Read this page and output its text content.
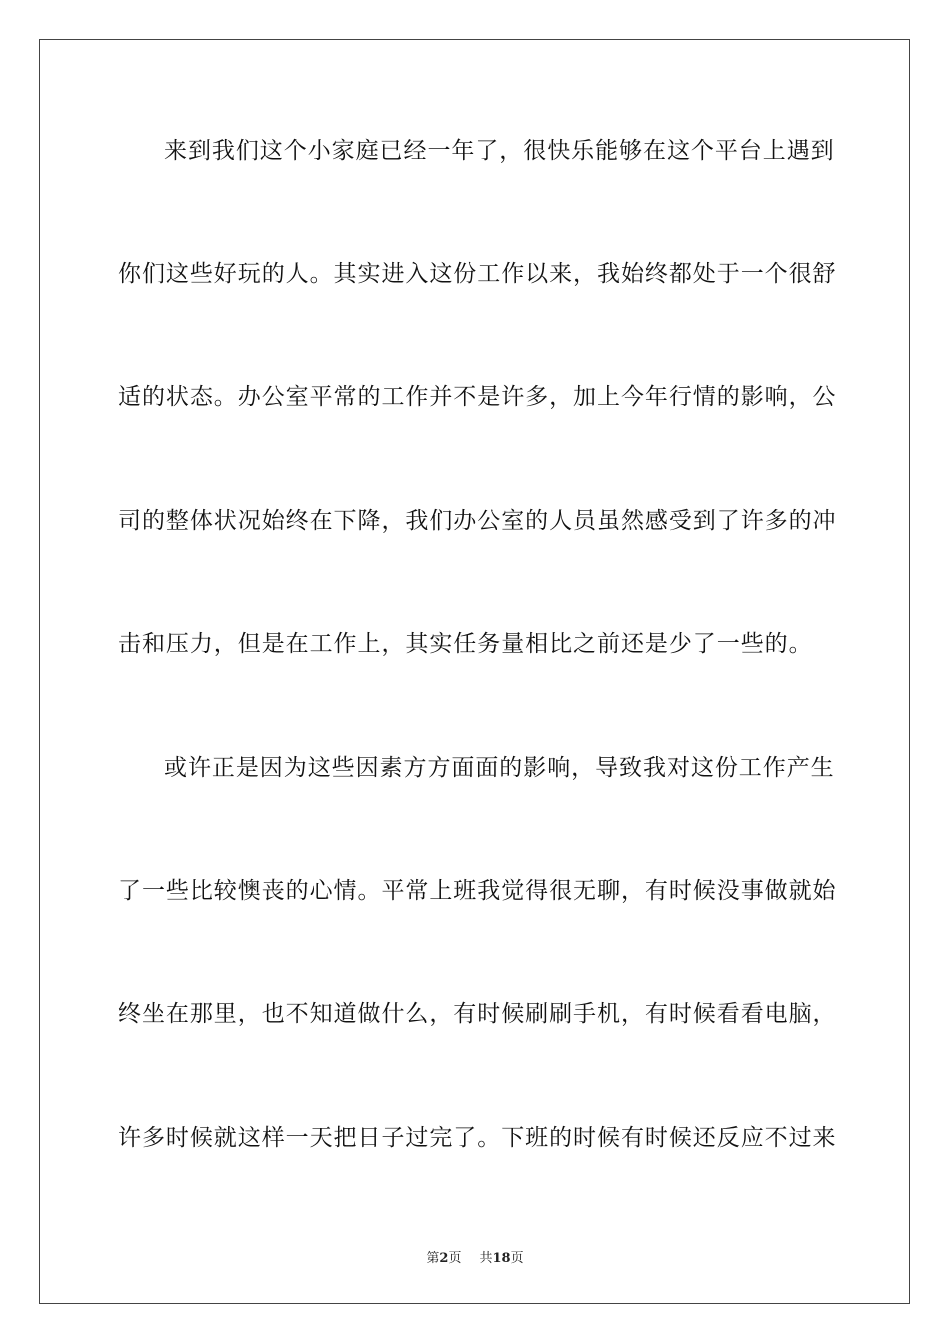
来到我们这个小家庭已经一年了，很快乐能够在这个平台上遇到
你们这些好玩的人。其实进入这份工作以来，我始终都处于一个很舒
适的状态。办公室平常的工作并不是许多，加上今年行情的影响，公
司的整体状况始终在下降，我们办公室的人员虽然感受到了许多的冲
击和压力，但是在工作上，其实任务量相比之前还是少了一些的。
或许正是因为这些因素方方面面的影响，导致我对这份工作产生
了一些比较懊丧的心情。平常上班我觉得很无聊，有时候没事做就始
终坐在那里，也不知道做什么，有时候刷刷手机，有时候看看电脑，
许多时候就这样一天把日子过完了。下班的时候有时候还反应不过来
第2页 共18页
